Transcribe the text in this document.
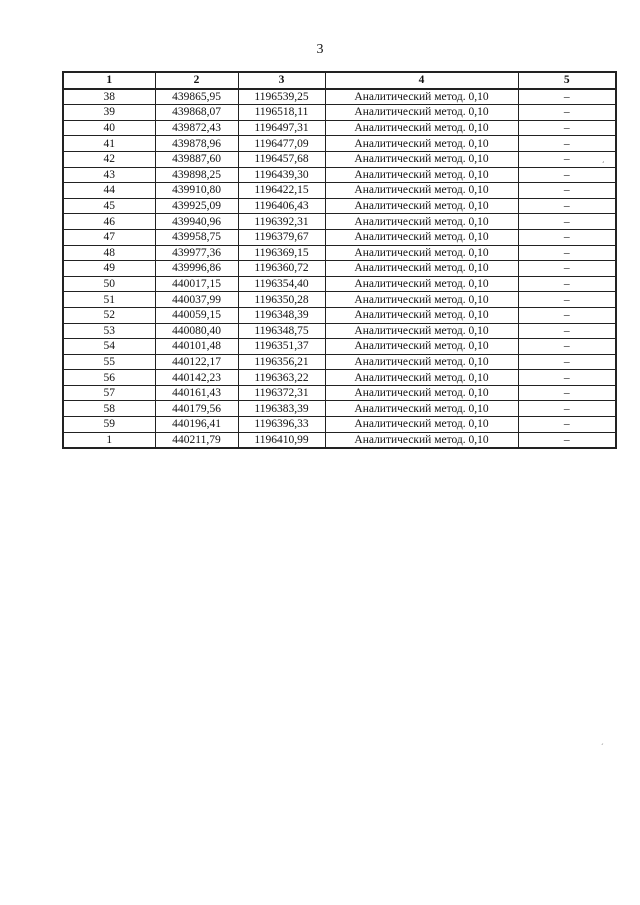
3
1	2	3	4	5
38	439865,95	1196539,25	Аналитический метод. 0,10	–
39	439868,07	1196518,11	Аналитический метод. 0,10	–
40	439872,43	1196497,31	Аналитический метод. 0,10	–
41	439878,96	1196477,09	Аналитический метод. 0,10	–
42	439887,60	1196457,68	Аналитический метод. 0,10	–
43	439898,25	1196439,30	Аналитический метод. 0,10	–
44	439910,80	1196422,15	Аналитический метод. 0,10	–
45	439925,09	1196406,43	Аналитический метод. 0,10	–
46	439940,96	1196392,31	Аналитический метод. 0,10	–
47	439958,75	1196379,67	Аналитический метод. 0,10	–
48	439977,36	1196369,15	Аналитический метод. 0,10	–
49	439996,86	1196360,72	Аналитический метод. 0,10	–
50	440017,15	1196354,40	Аналитический метод. 0,10	–
51	440037,99	1196350,28	Аналитический метод. 0,10	–
52	440059,15	1196348,39	Аналитический метод. 0,10	–
53	440080,40	1196348,75	Аналитический метод. 0,10	–
54	440101,48	1196351,37	Аналитический метод. 0,10	–
55	440122,17	1196356,21	Аналитический метод. 0,10	–
56	440142,23	1196363,22	Аналитический метод. 0,10	–
57	440161,43	1196372,31	Аналитический метод. 0,10	–
58	440179,56	1196383,39	Аналитический метод. 0,10	–
59	440196,41	1196396,33	Аналитический метод. 0,10	–
1	440211,79	1196410,99	Аналитический метод. 0,10	–
ʻ
ˏ
